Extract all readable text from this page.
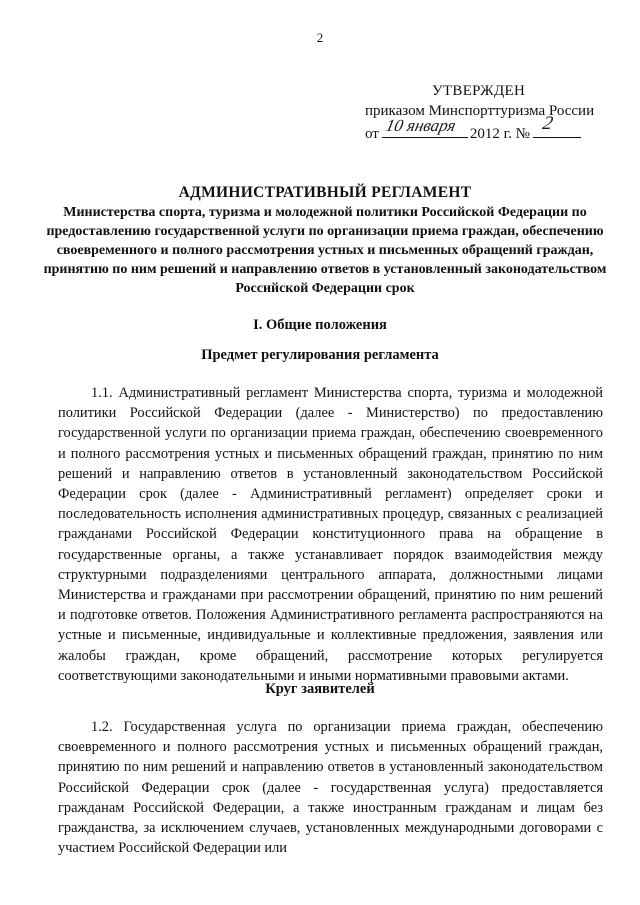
2
УТВЕРЖДЕН
приказом Минспорттуризма России
от 10 января 2012 г. № 2
АДМИНИСТРАТИВНЫЙ РЕГЛАМЕНТ
Министерства спорта, туризма и молодежной политики Российской Федерации по предоставлению государственной услуги по организации приема граждан, обеспечению своевременного и полного рассмотрения устных и письменных обращений граждан, принятию по ним решений и направлению ответов в установленный законодательством Российской Федерации срок
I. Общие положения
Предмет регулирования регламента
1.1. Административный регламент Министерства спорта, туризма и молодежной политики Российской Федерации (далее - Министерство) по предоставлению государственной услуги по организации приема граждан, обеспечению своевременного и полного рассмотрения устных и письменных обращений граждан, принятию по ним решений и направлению ответов в установленный законодательством Российской Федерации срок (далее - Административный регламент) определяет сроки и последовательность исполнения административных процедур, связанных с реализацией гражданами Российской Федерации конституционного права на обращение в государственные органы, а также устанавливает порядок взаимодействия между структурными подразделениями центрального аппарата, должностными лицами Министерства и гражданами при рассмотрении обращений, принятию по ним решений и подготовке ответов. Положения Административного регламента распространяются на устные и письменные, индивидуальные и коллективные предложения, заявления или жалобы граждан, кроме обращений, рассмотрение которых регулируется соответствующими законодательными и иными нормативными правовыми актами.
Круг заявителей
1.2. Государственная услуга по организации приема граждан, обеспечению своевременного и полного рассмотрения устных и письменных обращений граждан, принятию по ним решений и направлению ответов в установленный законодательством Российской Федерации срок (далее - государственная услуга) предоставляется гражданам Российской Федерации, а также иностранным гражданам и лицам без гражданства, за исключением случаев, установленных международными договорами с участием Российской Федерации или
